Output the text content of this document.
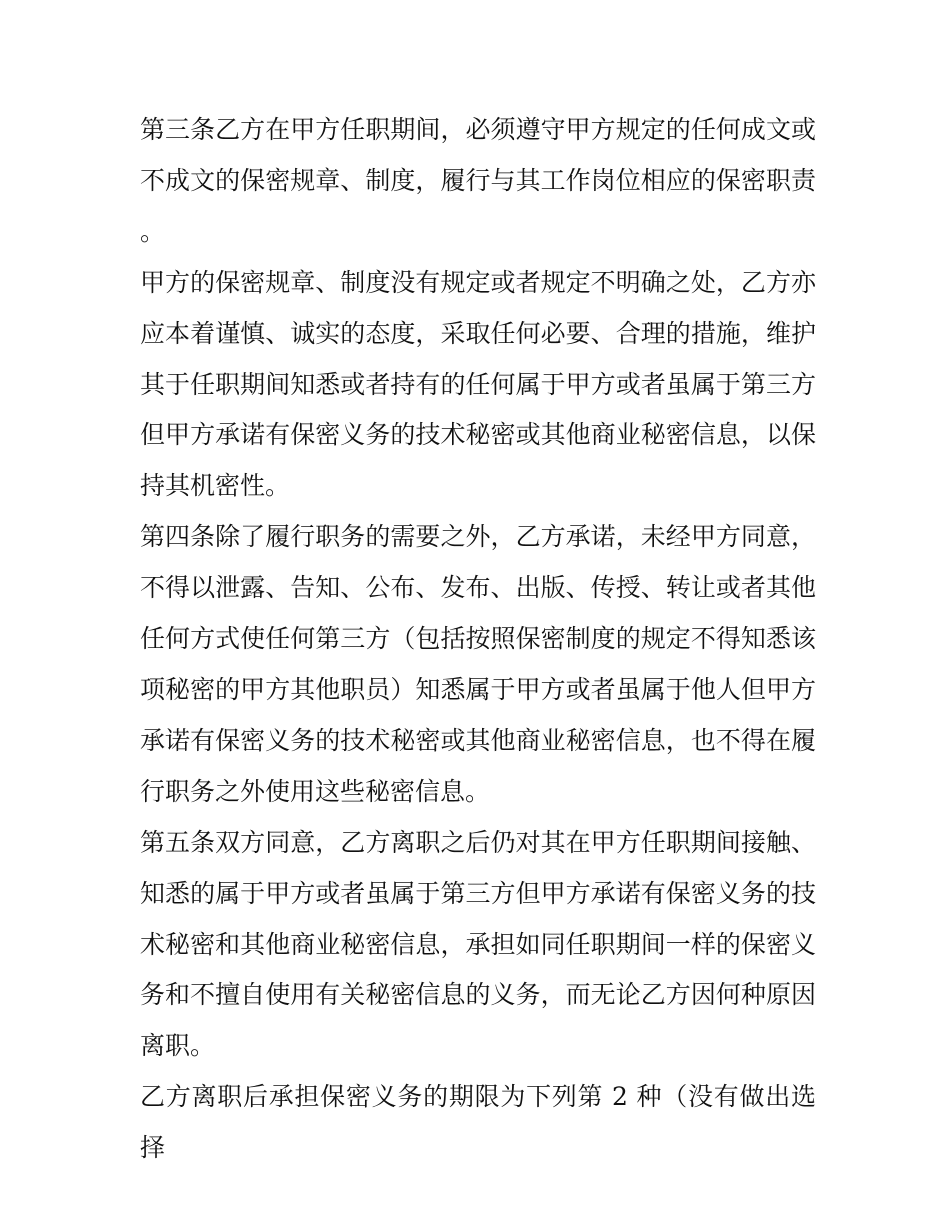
第三条乙方在甲方任职期间，必须遵守甲方规定的任何成文或不成文的保密规章、制度，履行与其工作岗位相应的保密职责。

甲方的保密规章、制度没有规定或者规定不明确之处，乙方亦应本着谨慎、诚实的态度，采取任何必要、合理的措施，维护其于任职期间知悉或者持有的任何属于甲方或者虽属于第三方但甲方承诺有保密义务的技术秘密或其他商业秘密信息，以保持其机密性。

第四条除了履行职务的需要之外，乙方承诺，未经甲方同意，不得以泄露、告知、公布、发布、出版、传授、转让或者其他任何方式使任何第三方（包括按照保密制度的规定不得知悉该项秘密的甲方其他职员）知悉属于甲方或者虽属于他人但甲方承诺有保密义务的技术秘密或其他商业秘密信息，也不得在履行职务之外使用这些秘密信息。

第五条双方同意，乙方离职之后仍对其在甲方任职期间接触、知悉的属于甲方或者虽属于第三方但甲方承诺有保密义务的技术秘密和其他商业秘密信息，承担如同任职期间一样的保密义务和不擅自使用有关秘密信息的义务，而无论乙方因何种原因离职。

乙方离职后承担保密义务的期限为下列第 2 种（没有做出选择
